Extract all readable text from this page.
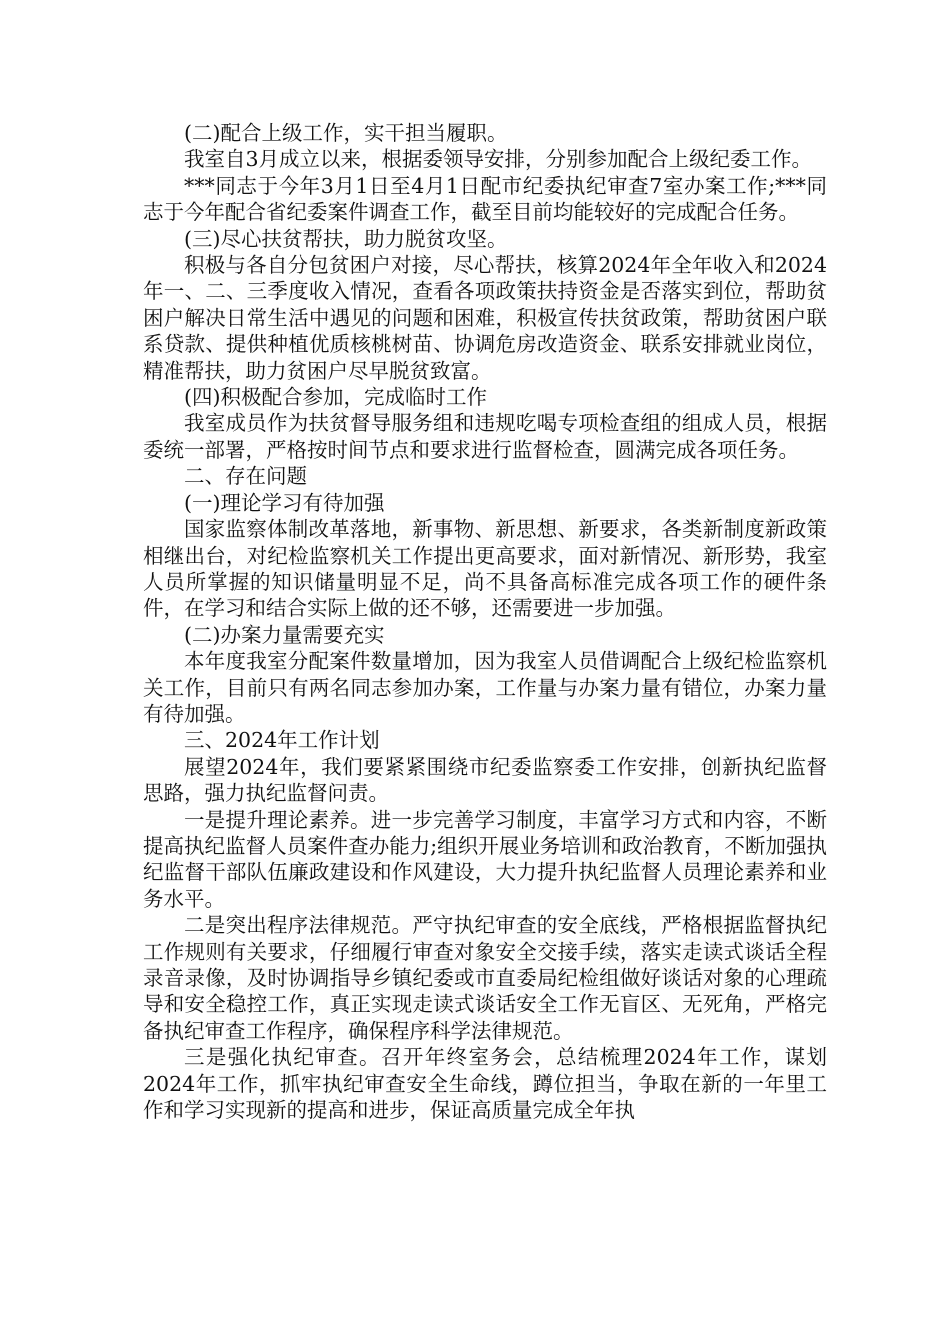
(二)配合上级工作，实干担当履职。

我室自3月成立以来，根据委领导安排，分别参加配合上级纪委工作。

***同志于今年3月1日至4月1日配市纪委执纪审查7室办案工作;***同志于今年配合省纪委案件调查工作，截至目前均能较好的完成配合任务。

(三)尽心扶贫帮扶，助力脱贫攻坚。

积极与各自分包贫困户对接，尽心帮扶，核算2024年全年收入和2024年一、二、三季度收入情况，查看各项政策扶持资金是否落实到位，帮助贫困户解决日常生活中遇见的问题和困难，积极宣传扶贫政策，帮助贫困户联系贷款、提供种植优质核桃树苗、协调危房改造资金、联系安排就业岗位，精准帮扶，助力贫困户尽早脱贫致富。

(四)积极配合参加，完成临时工作

我室成员作为扶贫督导服务组和违规吃喝专项检查组的组成人员，根据委统一部署，严格按时间节点和要求进行监督检查，圆满完成各项任务。

二、存在问题

(一)理论学习有待加强

国家监察体制改革落地，新事物、新思想、新要求，各类新制度新政策相继出台，对纪检监察机关工作提出更高要求，面对新情况、新形势，我室人员所掌握的知识储量明显不足，尚不具备高标准完成各项工作的硬件条件，在学习和结合实际上做的还不够，还需要进一步加强。

(二)办案力量需要充实

本年度我室分配案件数量增加，因为我室人员借调配合上级纪检监察机关工作，目前只有两名同志参加办案，工作量与办案力量有错位，办案力量有待加强。

三、2024年工作计划

展望2024年，我们要紧紧围绕市纪委监察委工作安排，创新执纪监督思路，强力执纪监督问责。

一是提升理论素养。进一步完善学习制度，丰富学习方式和内容，不断提高执纪监督人员案件查办能力;组织开展业务培训和政治教育，不断加强执纪监督干部队伍廉政建设和作风建设，大力提升执纪监督人员理论素养和业务水平。

二是突出程序法律规范。严守执纪审查的安全底线，严格根据监督执纪工作规则有关要求，仔细履行审查对象安全交接手续，落实走读式谈话全程录音录像，及时协调指导乡镇纪委或市直委局纪检组做好谈话对象的心理疏导和安全稳控工作，真正实现走读式谈话安全工作无盲区、无死角，严格完备执纪审查工作程序，确保程序科学法律规范。

三是强化执纪审查。召开年终室务会，总结梳理2024年工作，谋划2024年工作，抓牢执纪审查安全生命线，蹲位担当，争取在新的一年里工作和学习实现新的提高和进步，保证高质量完成全年执
